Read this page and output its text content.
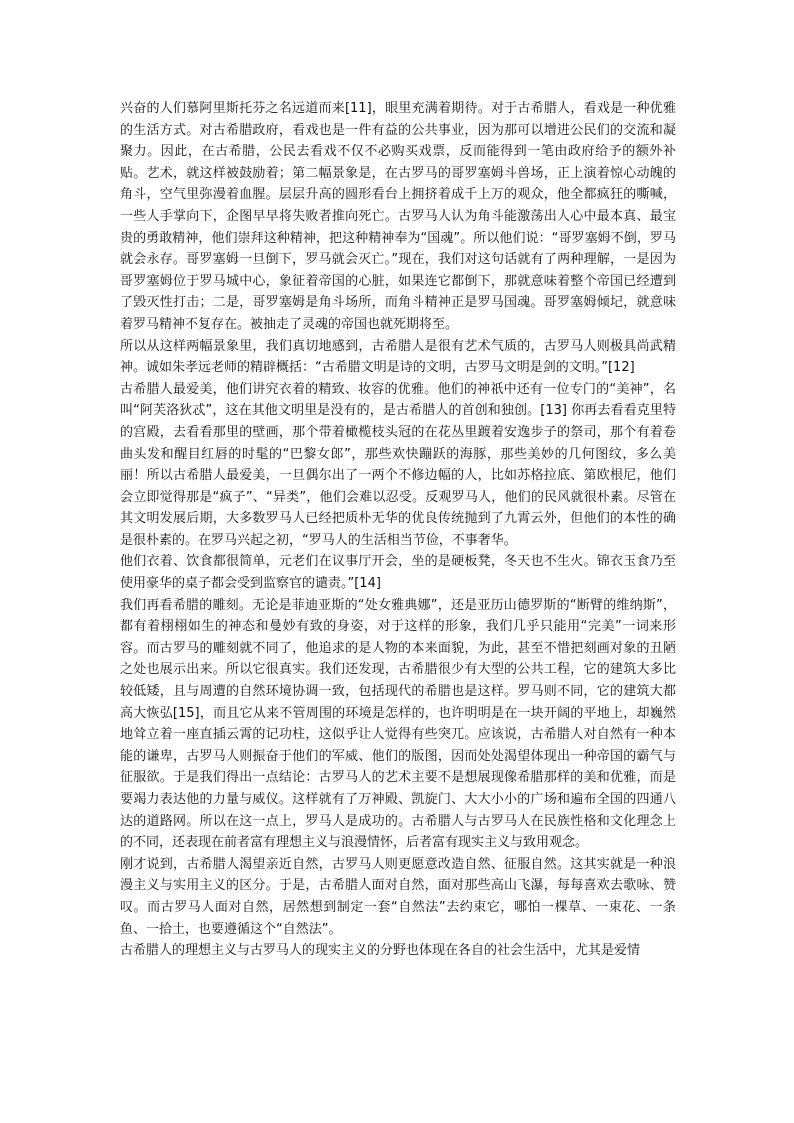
兴奋的人们慕阿里斯托芬之名远道而来[11]，眼里充满着期待。对于古希腊人，看戏是一种优雅的生活方式。对古希腊政府，看戏也是一件有益的公共事业，因为那可以增进公民们的交流和凝聚力。因此，在古希腊，公民去看戏不仅不必购买戏票，反而能得到一笔由政府给予的额外补贴。艺术，就这样被鼓励着；第二幅景象是，在古罗马的哥罗塞姆斗兽场，正上演着惊心动魄的角斗，空气里弥漫着血腥。层层升高的圆形看台上拥挤着成千上万的观众，他全都疯狂的嘶喊，一些人手掌向下，企图早早将失败者推向死亡。古罗马人认为角斗能激荡出人心中最本真、最宝贵的勇敢精神，他们崇拜这种精神，把这种精神奉为“国魂”。所以他们说：“哥罗塞姆不倒，罗马就会永存。哥罗塞姆一旦倒下，罗马就会灭亡。”现在，我们对这句话就有了两种理解，一是因为哥罗塞姆位于罗马城中心，象征着帝国的心脏，如果连它都倒下，那就意味着整个帝国已经遭到了毁灭性打击；二是，哥罗塞姆是角斗场所，而角斗精神正是罗马国魂。哥罗塞姆倾圮，就意味着罗马精神不复存在。被抽走了灵魂的帝国也就死期将至。

所以从这样两幅景象里，我们真切地感到，古希腊人是很有艺术气质的，古罗马人则极具尚武精神。诚如朱孝远老师的精辟概括：“古希腊文明是诗的文明，古罗马文明是剑的文明。”[12]

古希腊人最爱美，他们讲究衣着的精致、妆容的优雅。他们的神祇中还有一位专门的“美神”，名叫“阿芙洛狄忒”，这在其他文明里是没有的，是古希腊人的首创和独创。[13] 你再去看看克里特的宫殿，去看看那里的壁画，那个带着橄榄枝头冠的在花丛里踱着安逸步子的祭司，那个有着卷曲头发和醒目红唇的时髦的“巴黎女郎”，那些欢快蹦跃的海豚，那些美妙的几何图纹，多么美丽！所以古希腊人最爱美，一旦偶尔出了一两个不修边幅的人，比如苏格拉底、第欧根尼，他们会立即觉得那是“疯子”、“异类”，他们会难以忍受。反观罗马人，他们的民风就很朴素。尽管在其文明发展后期，大多数罗马人已经把质朴无华的优良传统抛到了九霄云外，但他们的本性的确是很朴素的。在罗马兴起之初，“罗马人的生活相当节俭，不事奢华。

他们衣着、饮食都很简单，元老们在议事厅开会，坐的是硬板凳，冬天也不生火。锦衣玉食乃至使用豪华的桌子都会受到监察官的谴责。”[14]

我们再看希腊的雕刻。无论是菲迪亚斯的“处女雅典娜”，还是亚历山德罗斯的“断臂的维纳斯”，都有着栩栩如生的神态和曼妙有致的身姿，对于这样的形象，我们几乎只能用“完美”一词来形容。而古罗马的雕刻就不同了，他追求的是人物的本来面貌，为此，甚至不惜把刻画对象的丑陋之处也展示出来。所以它很真实。我们还发现，古希腊很少有大型的公共工程，它的建筑大多比较低矮，且与周遭的自然环境协调一致，包括现代的希腊也是这样。罗马则不同，它的建筑大都高大恢弘[15]，而且它从来不管周围的环境是怎样的，也许明明是在一块开阔的平地上，却巍然地耸立着一座直插云霄的记功柱，这似乎让人觉得有些突兀。应该说，古希腊人对自然有一种本能的谦卑，古罗马人则振奋于他们的军威、他们的版图，因而处处渴望体现出一种帝国的霸气与征服欲。于是我们得出一点结论：古罗马人的艺术主要不是想展现像希腊那样的美和优雅，而是要竭力表达他的力量与威仪。这样就有了万神殿、凯旋门、大大小小的广场和遍布全国的四通八达的道路网。所以在这一点上，罗马人是成功的。古希腊人与古罗马人在民族性格和文化理念上的不同，还表现在前者富有理想主义与浪漫情怀，后者富有现实主义与致用观念。

刚才说到，古希腊人渴望亲近自然，古罗马人则更愿意改造自然、征服自然。这其实就是一种浪漫主义与实用主义的区分。于是，古希腊人面对自然，面对那些高山飞瀑，每每喜欢去歌咏、赞叹。而古罗马人面对自然，居然想到制定一套“自然法”去约束它，哪怕一棵草、一束花、一条鱼、一拾土，也要遵循这个“自然法”。

古希腊人的理想主义与古罗马人的现实主义的分野也体现在各自的社会生活中，尤其是爱情
